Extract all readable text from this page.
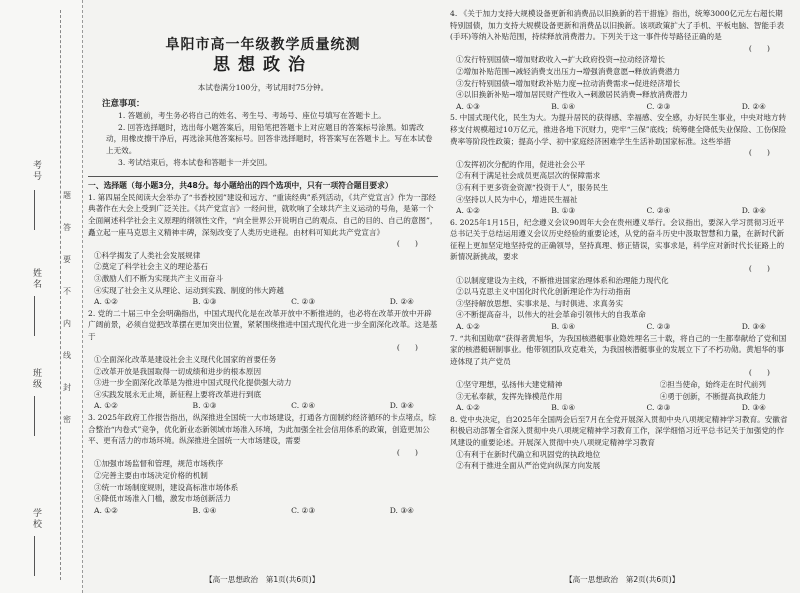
考号
姓名
班级
学校
题
答
要
不
内
线
封
密
阜阳市高一年级教学质量统测
思想政治
本试卷满分100分，考试用时75分钟。
注意事项：

1. 答题前，考生务必将自己的姓名、考生号、考场号、座位号填写在答题卡上。

2. 回答选择题时，选出每小题答案后，用铅笔把答题卡上对应题目的答案标号涂黑。如需改动，用橡皮擦干净后，再选涂其他答案标号。回答非选择题时，将答案写在答题卡上。写在本试卷上无效。

3. 考试结束后，将本试卷和答题卡一并交回。

一、选择题（每小题3分，共48分。每小题给出的四个选项中，只有一项符合题目要求）

1. 第四届全民阅读大会举办了“书香校园”建设和远方、“重读经典”系列活动，《共产党宣言》作为一部经典著作在大会上受到广泛关注。《共产党宣言》一经问世，就吹响了全球共产主义运动的号角，是第一个全面阐述科学社会主义原理的纲领性文件，“向全世界公开说明自己的观点、自己的目的、自己的意图”，矗立起一座马克思主义精神丰碑，深刻改变了人类历史进程。由材料可知此共产党宣言》

(　　)

①科学揭发了人类社会发展规律

②奠定了科学社会主义的理论基石

③激励人们不断为实现共产主义而奋斗

④实现了社会主义从理论、运动到实践、制度的伟大跨越

A. ①②	B. ①③	C. ②③	D. ②④

2. 党的二十届三中全会明确指出，中国式现代化是在改革开放中不断推进的，也必将在改革开放中开辟广阔前景，必须自觉把改革摆在更加突出位置，紧紧围绕推进中国式现代化进一步全面深化改革。这是基于

(　　)

①全面深化改革是建设社会主义现代化国家的首要任务

②改革开放是我国取得一切成绩和进步的根本原因

③进一步全面深化改革是为推进中国式现代化提供强大动力

④实践发展永无止境，新征程上要将改革进行到底

A. ①②	B. ①③	C. ②④	D. ③④

3. 2025年政府工作报告指出，纵深推进全国统一大市场建设，打通各方面制约经济循环的卡点堵点，综合整治“内卷式”竞争，优化新业态新领域市场准入环境，为此加强全社会信用体系的政策，创造更加公平、更有活力的市场环境。纵深推进全国统一大市场建设，需要

(　　)

①加强市场监督和管理，规范市场秩序

②完善主要由市场决定价格的机制

③统一市场制度规则，建设高标准市场体系

④降低市场准入门槛，激发市场创新活力

A. ①②	B. ①④	C. ②③	D. ③④
【高一思想政治　第1页(共6页)】

4. 《关于加力支持大规模设备更新和消费品以旧换新的若干措施》指出，统筹3000亿元左右超长期特别国债，加力支持大规模设备更新和消费品以旧换新。该项政策扩大了手机、平板电脑、智能手表(手环)等纳入补贴范围，持续释放消费潜力。下列关于这一事件传导路径正确的是

(　　)

①发行特别国债→增加财政收入→扩大政府投资→拉动经济增长

②增加补贴范围→减轻消费支出压力→增强消费意愿→释放消费潜力

③发行特别国债→增加财政补贴力度→拉动消费需求→促进经济增长

④以旧换新补贴→增加居民财产性收入→刺激居民消费→释放消费潜力

A. ①③	B. ①④	C. ②③	D. ②④

5. 中国式现代化，民生为大。为提升居民的获得感、幸福感、安全感，办好民生事业，中央对地方转移支付规模超过10万亿元，推进各地下沉财力，兜牢“三保”底线；统筹健全降低失业保险、工伤保险费率等阶段性政策；提高小学、初中家庭经济困难学生生活补助国家标准。这些举措

(　　)

①发挥初次分配的作用，促进社会公平

②有利于满足社会成员更高层次的保障需求

③有利于更多资金资源“投资于人”，服务民生

④坚持以人民为中心，增进民生福祉

A. ①②	B. ①③	C. ②④	D. ③④

6. 2025年1月15日，纪念遵义会议90周年大会在贵州遵义举行。会议指出，要深入学习贯彻习近平总书记关于总结运用遵义会议历史经验的重要论述，从党的奋斗历史中汲取智慧和力量，在新时代新征程上更加坚定地坚持党的正确领导，坚持真理、修正错误，实事求是，科学应对新时代长征路上的新情况新挑战，要求

(　　)

①以制度建设为主线，不断推进国家治理体系和治理能力现代化

②以马克思主义中国化时代化创新理论作为行动指南

③坚持解放思想、实事求是、与时俱进、求真务实

④不断提高奋斗，以伟大的社会革命引领伟大的自我革命

A. ①②	B. ①④	C. ②③	D. ③④

7. “共和国勋章”获得者黄旭华，为我国核潜艇事业隐姓埋名三十载，将自己的一生都奉献给了党和国家的核潜艇研制事业。他带领团队攻克难关，为我国核潜艇事业的发展立下了不朽功勋。黄旭华的事迹体现了共产党员

(　　)
①坚守理想，弘扬伟大建党精神	②担当使命，始终走在时代前列
③无私奉献，发挥先锋模范作用	④勇于创新，不断提高执政能力
A. ①②	B. ①④	C. ②③	D. ③④

8. 党中央决定，自2025年全国两会后至7月在全党开展深入贯彻中央八项规定精神学习教育。安徽省积极启动部署全省深入贯彻中央八项规定精神学习教育工作，深学细悟习近平总书记关于加强党的作风建设的重要论述。开展深入贯彻中央八项规定精神学习教育

①有利于在新时代确立和巩固党的执政地位

②有利于推进全面从严治党向纵深方向发展

【高一思想政治　第2页(共6页)】
